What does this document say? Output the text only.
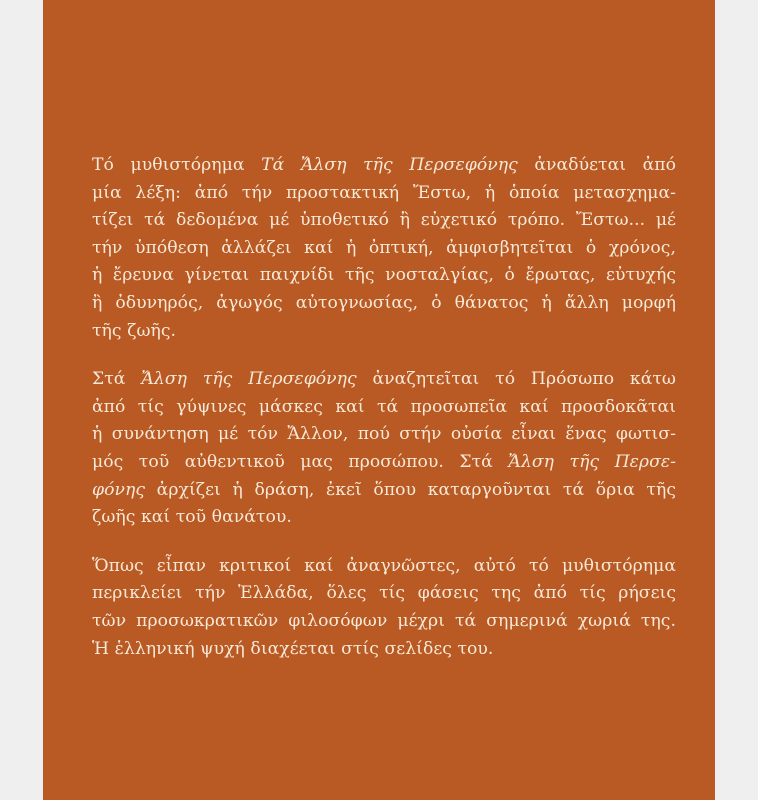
Τό μυθιστόρημα Τά Ἄλση τῆς Περσεφόνης ἀναδύεται ἀπό
μία λέξη: ἀπό τήν προστακτική Ἔστω, ἡ ὁποία μετασχημα-
τίζει τά δεδομένα μέ ὑποθετικό ἢ εὐχετικό τρόπο. Ἔστω... μέ
τήν ὑπόθεση ἀλλάζει καί ἡ ὀπτική, ἀμφισβητεῖται ὁ χρόνος,
ἡ ἔρευνα γίνεται παιχνίδι τῆς νοσταλγίας, ὁ ἔρωτας, εὐτυχής
ἢ ὀδυνηρός, ἀγωγός αὐτογνωσίας, ὁ θάνατος ἡ ἄλλη μορφή
τῆς ζωῆς.
Στά Ἄλση τῆς Περσεφόνης ἀναζητεῖται τό Πρόσωπο κάτω
ἀπό τίς γύψινες μάσκες καί τά προσωπεῖα καί προσδοκᾶται
ἡ συνάντηση μέ τόν Ἄλλον, πού στήν οὐσία εἶναι ἕνας φωτισ-
μός τοῦ αὐθεντικοῦ μας προσώπου. Στά Ἄλση τῆς Περσε-
φόνης ἀρχίζει ἡ δράση, ἐκεῖ ὅπου καταργοῦνται τά ὅρια τῆς
ζωῆς καί τοῦ θανάτου.
Ὅπως εἶπαν κριτικοί καί ἀναγνῶστες, αὐτό τό μυθιστόρημα
περικλείει τήν Ἑλλάδα, ὅλες τίς φάσεις της ἀπό τίς ρήσεις
τῶν προσωκρατικῶν φιλοσόφων μέχρι τά σημερινά χωριά της.
Ἡ ἑλληνική ψυχή διαχέεται στίς σελίδες του.
